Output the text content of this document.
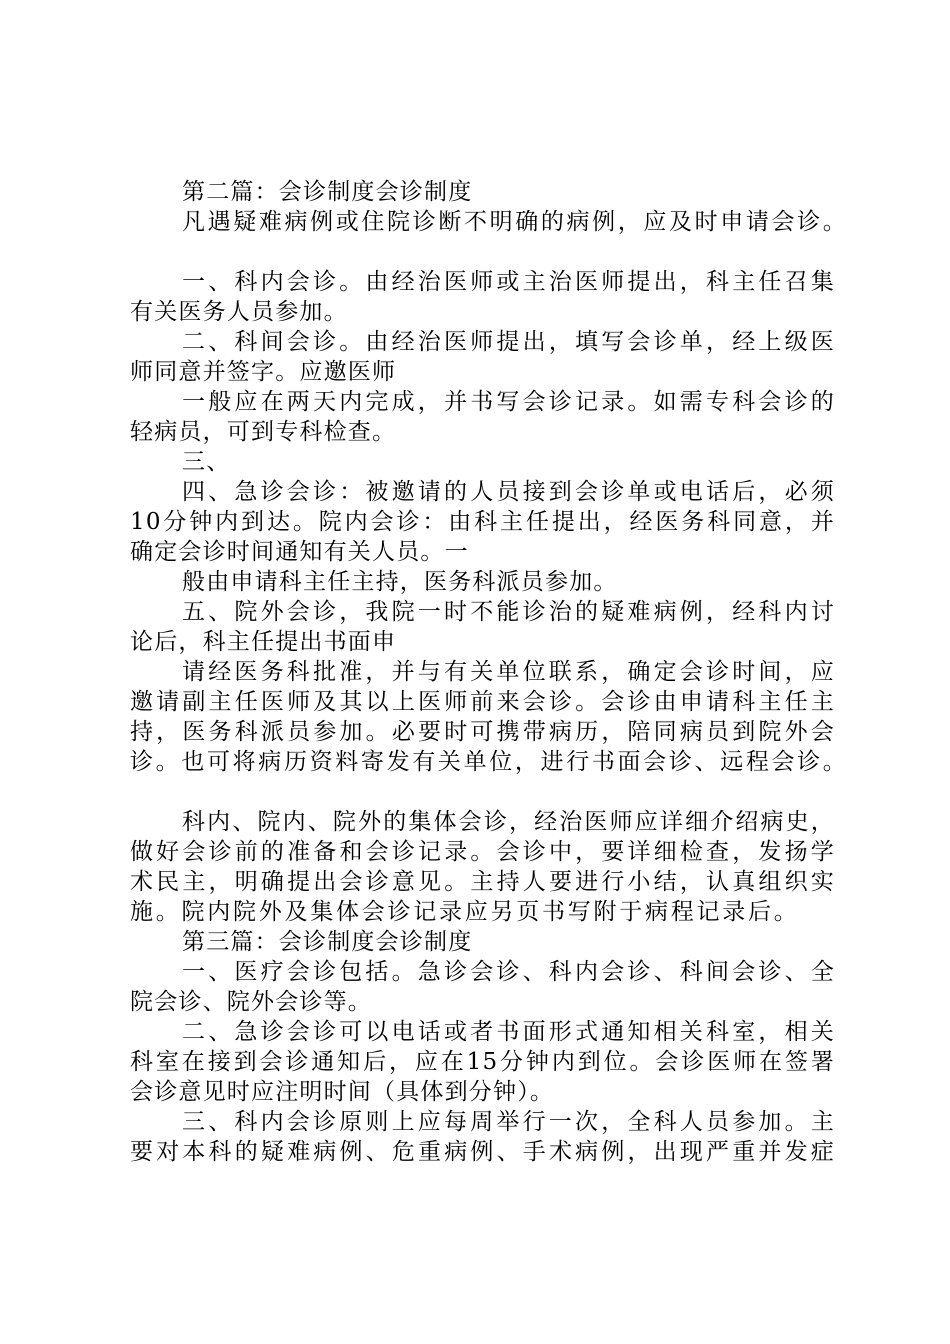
第二篇：会诊制度会诊制度
凡遇疑难病例或住院诊断不明确的病例，应及时申请会诊。
一、科内会诊。由经治医师或主治医师提出，科主任召集
有关医务人员参加。
二、科间会诊。由经治医师提出，填写会诊单，经上级医
师同意并签字。应邀医师
一般应在两天内完成，并书写会诊记录。如需专科会诊的
轻病员，可到专科检查。
三、
四、急诊会诊：被邀请的人员接到会诊单或电话后，必须
10分钟内到达。院内会诊：由科主任提出，经医务科同意，并
确定会诊时间通知有关人员。一
般由申请科主任主持，医务科派员参加。
五、院外会诊，我院一时不能诊治的疑难病例，经科内讨
论后，科主任提出书面申
请经医务科批准，并与有关单位联系，确定会诊时间，应
邀请副主任医师及其以上医师前来会诊。会诊由申请科主任主
持，医务科派员参加。必要时可携带病历，陪同病员到院外会
诊。也可将病历资料寄发有关单位，进行书面会诊、远程会诊。
科内、院内、院外的集体会诊，经治医师应详细介绍病史，
做好会诊前的准备和会诊记录。会诊中，要详细检查，发扬学
术民主，明确提出会诊意见。主持人要进行小结，认真组织实
施。院内院外及集体会诊记录应另页书写附于病程记录后。
第三篇：会诊制度会诊制度
一、医疗会诊包括。急诊会诊、科内会诊、科间会诊、全
院会诊、院外会诊等。
二、急诊会诊可以电话或者书面形式通知相关科室，相关
科室在接到会诊通知后，应在15分钟内到位。会诊医师在签署
会诊意见时应注明时间（具体到分钟）。
三、科内会诊原则上应每周举行一次，全科人员参加。主
要对本科的疑难病例、危重病例、手术病例，出现严重并发症
